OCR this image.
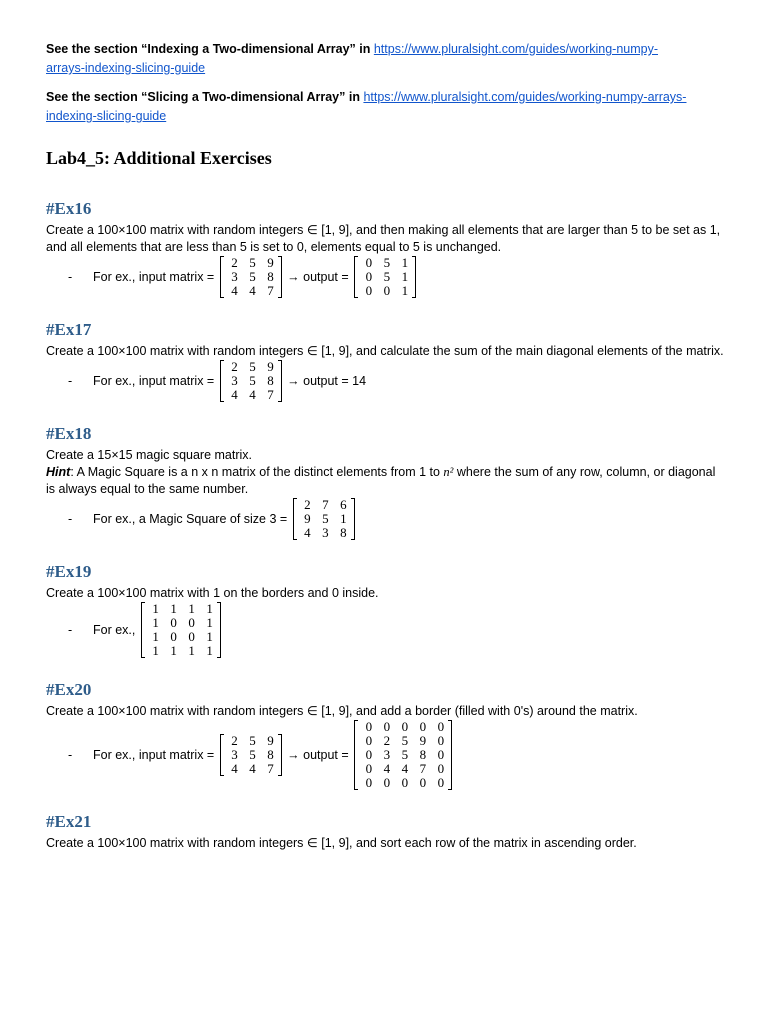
See the section “Indexing a Two-dimensional Array” in https://www.pluralsight.com/guides/working-numpy-
arrays-indexing-slicing-guide
See the section “Slicing a Two-dimensional Array” in https://www.pluralsight.com/guides/working-numpy-arrays-
indexing-slicing-guide
Lab4_5: Additional Exercises
#Ex16
Create a 100×100 matrix with random integers ∈ [1, 9], and then making all elements that are larger than 5 to be set as 1, and all elements that are less than 5 is set to 0, elements equal to 5 is unchanged.
-	For ex., input matrix =
2 5 9
3 5 8
4 4 7
→ output =
0 5 1
0 5 1
0 0 1
#Ex17
Create a 100×100 matrix with random integers ∈ [1, 9], and calculate the sum of the main diagonal elements of the matrix.
-	For ex., input matrix =
2 5 9
3 5 8
4 4 7
→ output = 14
#Ex18
Create a 15×15 magic square matrix.
Hint: A Magic Square is a n x n matrix of the distinct elements from 1 to n² where the sum of any row, column, or diagonal is always equal to the same number.
-	For ex., a Magic Square of size 3 =
2 7 6
9 5 1
4 3 8
#Ex19
Create a 100×100 matrix with 1 on the borders and 0 inside.
-	For ex.,
1 1 1 1
1 0 0 1
1 0 0 1
1 1 1 1
#Ex20
Create a 100×100 matrix with random integers ∈ [1, 9], and add a border (filled with 0's) around the matrix.
-	For ex., input matrix =
2 5 9
3 5 8
4 4 7
→ output =
0 0 0 0 0
0 2 5 9 0
0 3 5 8 0
0 4 4 7 0
0 0 0 0 0
#Ex21
Create a 100×100 matrix with random integers ∈ [1, 9], and sort each row of the matrix in ascending order.
